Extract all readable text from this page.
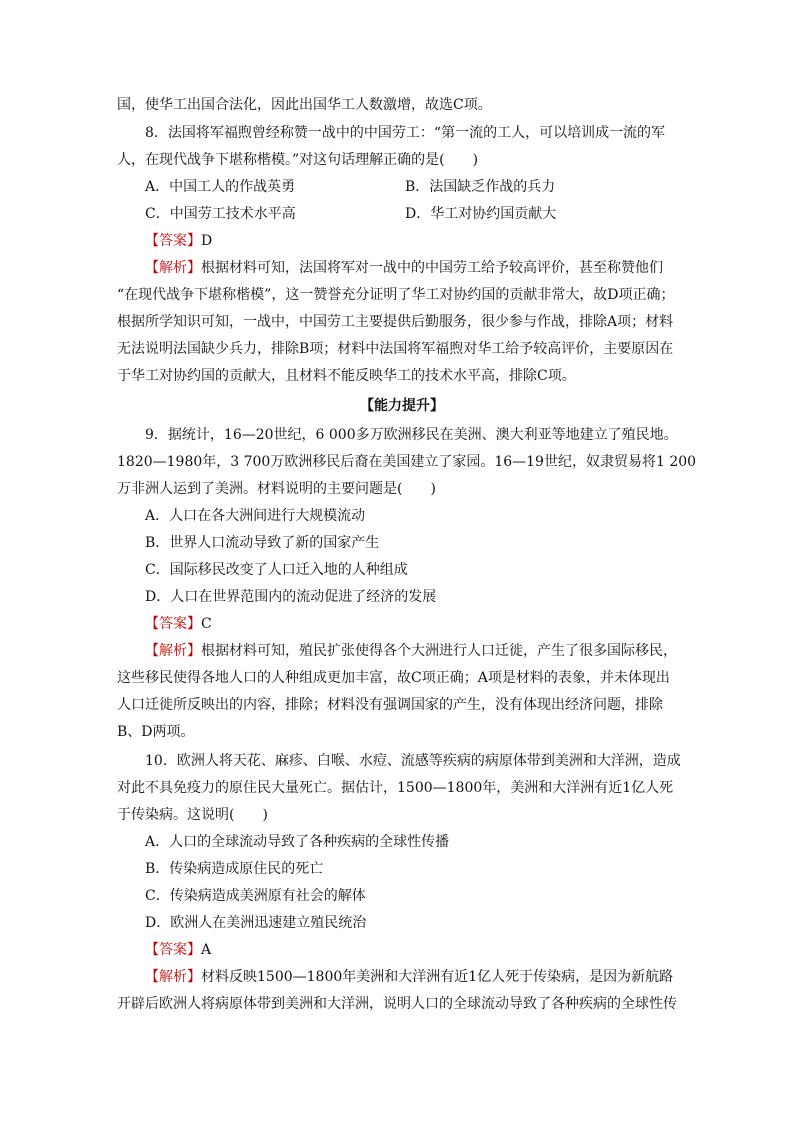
国，使华工出国合法化，因此出国华工人数激增，故选C项。
8．法国将军福煦曾经称赞一战中的中国劳工：“第一流的工人，可以培训成一流的军
人，在现代战争下堪称楷模。”对这句话理解正确的是(　　)
A．中国工人的作战英勇	B．法国缺乏作战的兵力
C．中国劳工技术水平高	D．华工对协约国贡献大
【答案】D
【解析】根据材料可知，法国将军对一战中的中国劳工给予较高评价，甚至称赞他们
“在现代战争下堪称楷模”，这一赞誉充分证明了华工对协约国的贡献非常大，故D项正确；
根据所学知识可知，一战中，中国劳工主要提供后勤服务，很少参与作战，排除A项；材料
无法说明法国缺少兵力，排除B项；材料中法国将军福煦对华工给予较高评价，主要原因在
于华工对协约国的贡献大，且材料不能反映华工的技术水平高，排除C项。
【能力提升】
9．据统计，16—20世纪，6 000多万欧洲移民在美洲、澳大利亚等地建立了殖民地。
1820—1980年，3 700万欧洲移民后裔在美国建立了家园。16—19世纪，奴隶贸易将1 200
万非洲人运到了美洲。材料说明的主要问题是(　　)
A．人口在各大洲间进行大规模流动
B．世界人口流动导致了新的国家产生
C．国际移民改变了人口迁入地的人种组成
D．人口在世界范围内的流动促进了经济的发展
【答案】C
【解析】根据材料可知，殖民扩张使得各个大洲进行人口迁徙，产生了很多国际移民，
这些移民使得各地人口的人种组成更加丰富，故C项正确；A项是材料的表象，并未体现出
人口迁徙所反映出的内容，排除；材料没有强调国家的产生，没有体现出经济问题，排除
B、D两项。
10．欧洲人将天花、麻疹、白喉、水痘、流感等疾病的病原体带到美洲和大洋洲，造成
对此不具免疫力的原住民大量死亡。据估计，1500—1800年，美洲和大洋洲有近1亿人死
于传染病。这说明(　　)
A．人口的全球流动导致了各种疾病的全球性传播
B．传染病造成原住民的死亡
C．传染病造成美洲原有社会的解体
D．欧洲人在美洲迅速建立殖民统治
【答案】A
【解析】材料反映1500—1800年美洲和大洋洲有近1亿人死于传染病，是因为新航路
开辟后欧洲人将病原体带到美洲和大洋洲，说明人口的全球流动导致了各种疾病的全球性传
